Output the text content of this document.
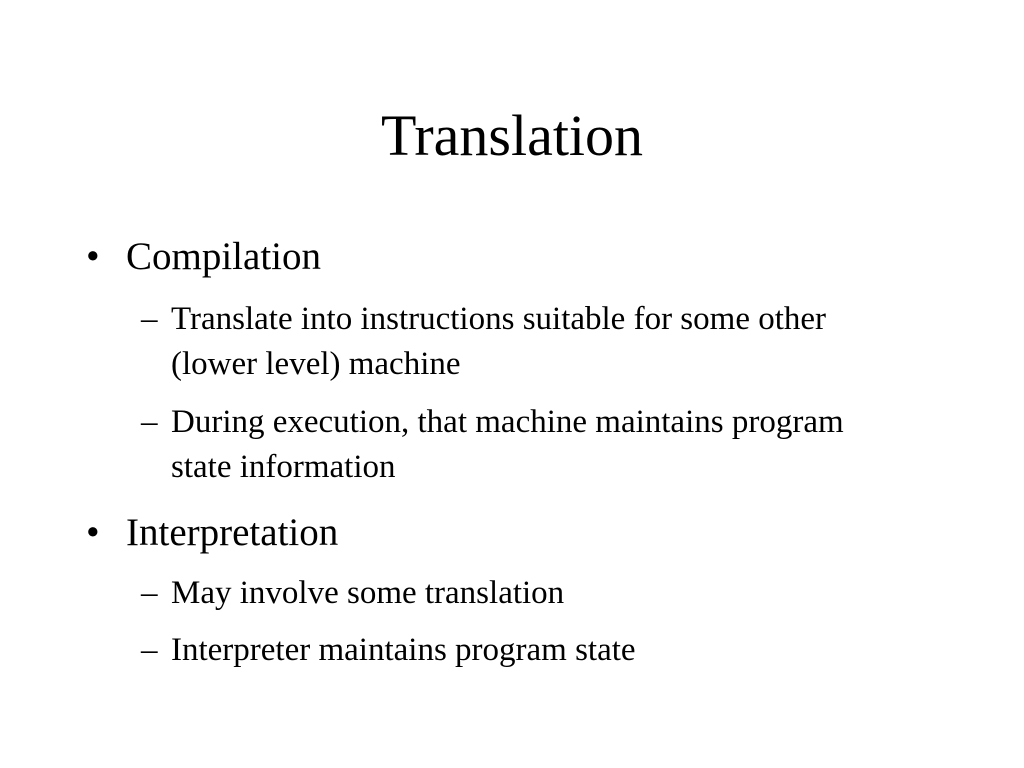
Translation
• Compilation
– Translate into instructions suitable for some other (lower level) machine
– During execution, that machine maintains program state information
• Interpretation
– May involve some translation
– Interpreter maintains program state
